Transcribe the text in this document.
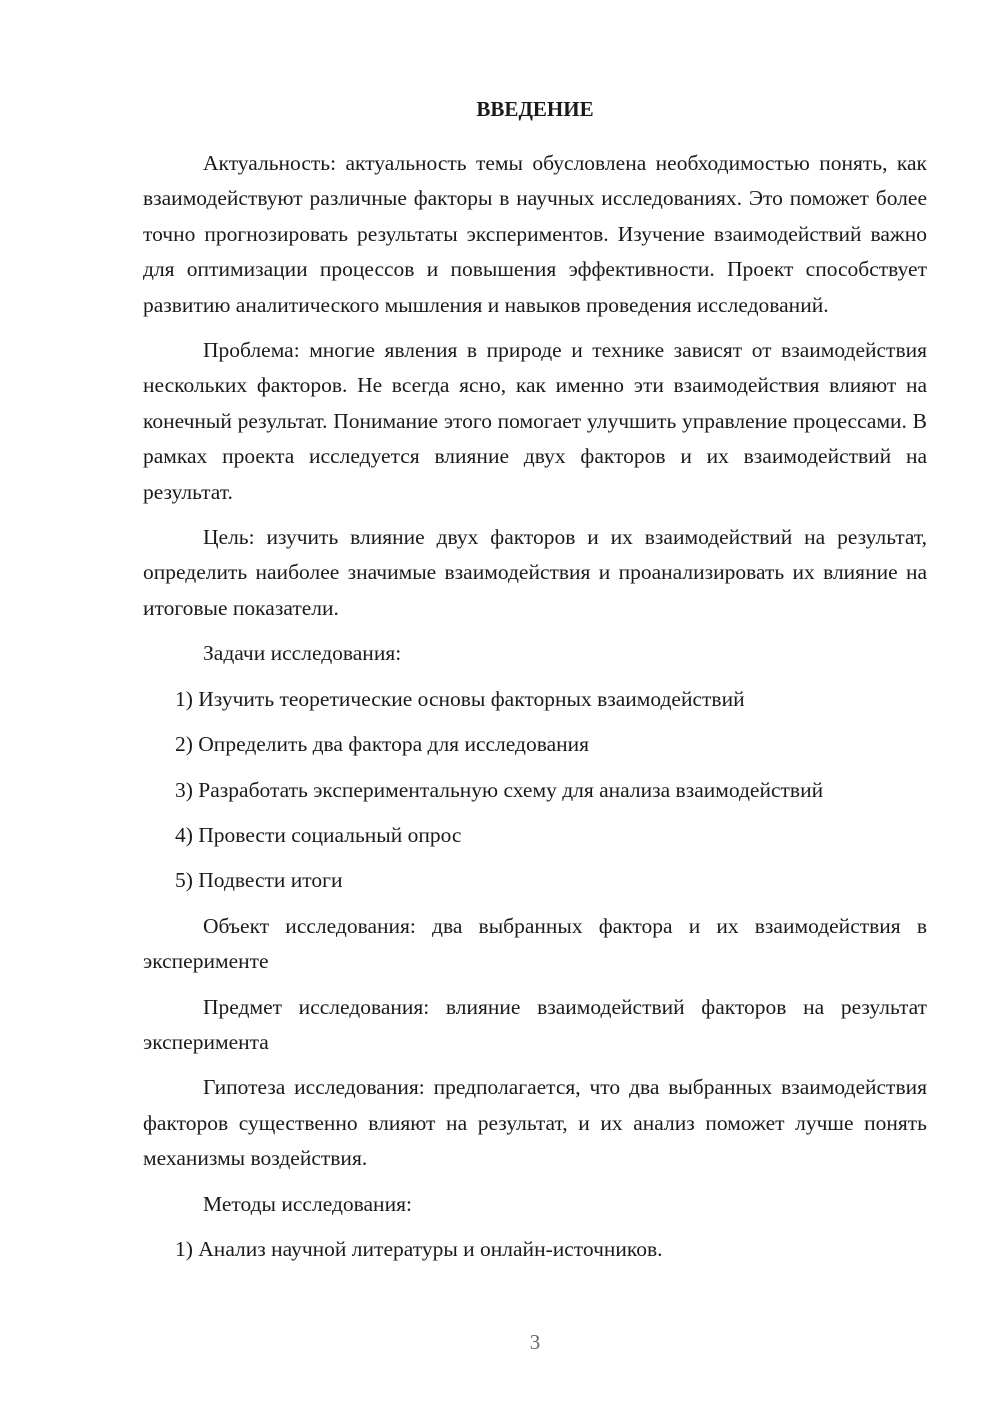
ВВЕДЕНИЕ

Актуальность: актуальность темы обусловлена необходимостью понять, как взаимодействуют различные факторы в научных исследованиях. Это поможет более точно прогнозировать результаты экспериментов. Изучение взаимодействий важно для оптимизации процессов и повышения эффективности. Проект способствует развитию аналитического мышления и навыков проведения исследований.

Проблема: многие явления в природе и технике зависят от взаимодействия нескольких факторов. Не всегда ясно, как именно эти взаимодействия влияют на конечный результат. Понимание этого помогает улучшить управление процессами. В рамках проекта исследуется влияние двух факторов и их взаимодействий на результат.

Цель: изучить влияние двух факторов и их взаимодействий на результат, определить наиболее значимые взаимодействия и проанализировать их влияние на итоговые показатели.

Задачи исследования:

1) Изучить теоретические основы факторных взаимодействий

2) Определить два фактора для исследования

3) Разработать экспериментальную схему для анализа взаимодействий

4) Провести социальный опрос

5) Подвести итоги

Объект исследования: два выбранных фактора и их взаимодействия в эксперименте

Предмет исследования: влияние взаимодействий факторов на результат эксперимента

Гипотеза исследования: предполагается, что два выбранных взаимодействия факторов существенно влияют на результат, и их анализ поможет лучше понять механизмы воздействия.

Методы исследования:

1) Анализ научной литературы и онлайн-источников.

3
